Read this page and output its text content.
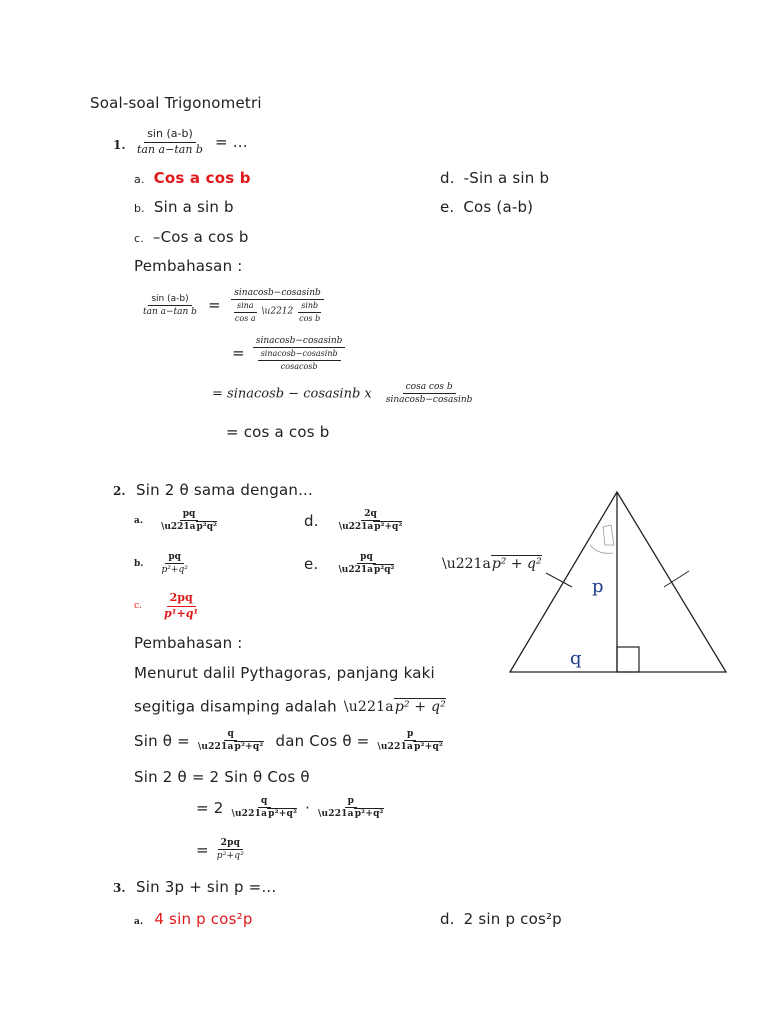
Soal-soal Trigonometri
1. $\frac{\sin (a-b)}{\text{tan a−tan b}}$ = ...
a. Cos a cos b
b. Sin a sin b
c. –Cos a cos b
d. -Sin a sin b
e. Cos (a-b)
Pembahasan :
$\frac{\sin (a-b)}{\text{tan a−tan b}} = \frac{\text{sinacosb−cosasinb}}{\frac{\sin a}{\text{cos a}} \backslash u2212 \frac{\sin b}{\text{cos b}}}$
= $\frac{\text{sinacosb−cosasinb}}{\frac{\text{sinacosb−cosasinb}}{\text{cosacosb}}}$
= sinacosb − cosasinb x $\frac{\text{cosa cos b}}{\text{sinacosb−cosasinb}}$
= cos a cos b
2. Sin 2 θ sama dengan...
a. $\frac{pq}{\text{\textbackslash{}u221ap²q²}}$
b. $\frac{pq}{\text{p²+q²}}$
c. $\frac{2pq}{\text{p¹+q¹}}$
d. $\frac{2q}{\text{\textbackslash{}u221ap²+q²}}$
e. $\frac{pq}{\text{\textbackslash{}u221ap²q²}}$	\u221ap² + q²
Pembahasan :
Menurut dalil Pythagoras, panjang kaki
segitiga disamping adalah \u221ap² + q²
Sin $\theta = \frac{q}{\text{\textbackslash{}u221ap²+q²}}$ dan Cos $\theta = \frac{p}{\text{\textbackslash{}u221ap²+q²}}$
Sin 2 θ = 2 Sin θ Cos θ
= $2 \frac{q}{\text{\textbackslash{}u221ap²+q²}} \cdot \frac{p}{\text{\textbackslash{}u221ap²+q²}}$
= $\frac{2pq}{\text{p²+q²}}$
p
q
3. Sin 3p + sin p =...
a. 4 sin p cos²p	d. 2 sin p cos²p
